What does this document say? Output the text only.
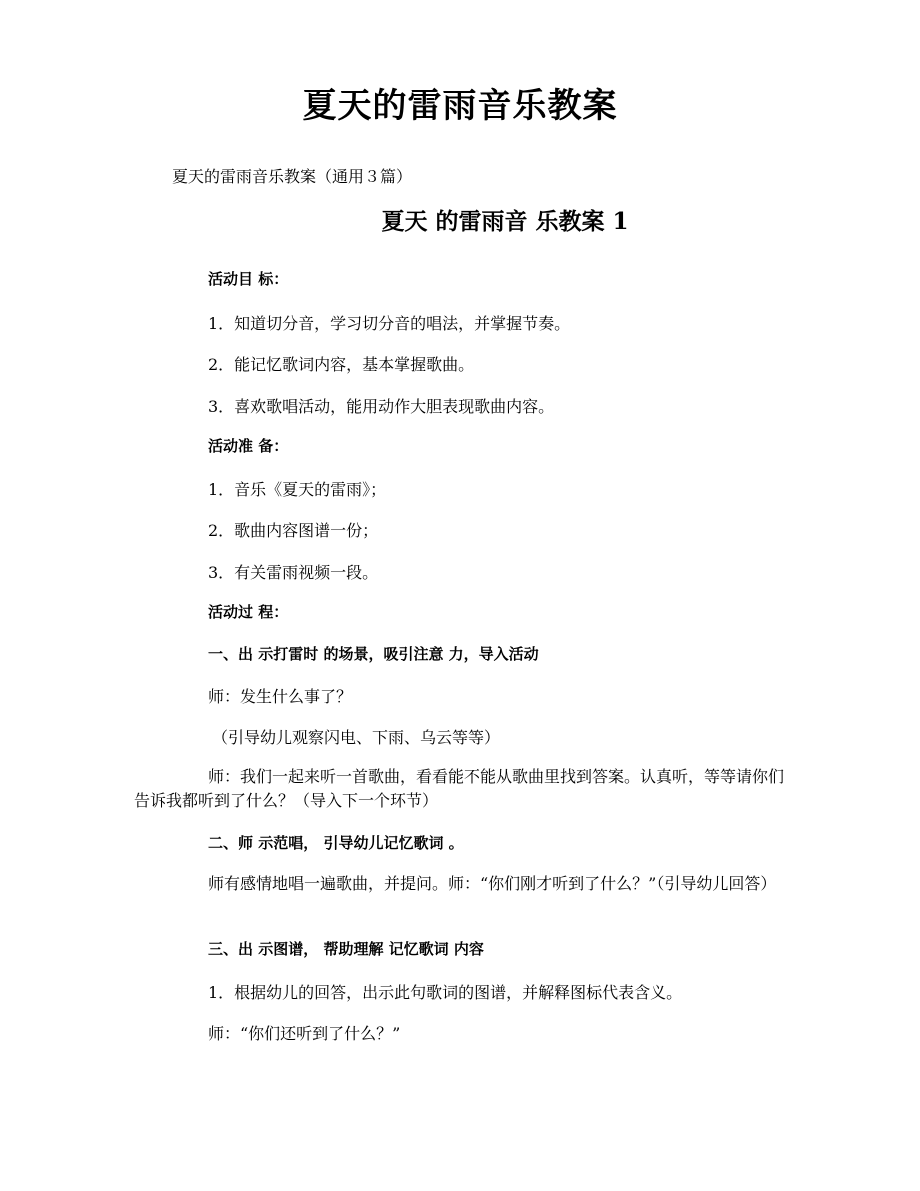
夏天的雷雨音乐教案
夏天的雷雨音乐教案（通用３篇）
夏天 的雷雨音 乐教案 1
活动目 标：
1．知道切分音，学习切分音的唱法，并掌握节奏。
2．能记忆歌词内容，基本掌握歌曲。
3．喜欢歌唱活动，能用动作大胆表现歌曲内容。
活动准 备：
1．音乐《夏天的雷雨》；
2．歌曲内容图谱一份；
3．有关雷雨视频一段。
活动过 程：
一、出 示打雷时 的场景，吸引注意 力，导入活动
师：发生什么事了？
（引导幼儿观察闪电、下雨、乌云等等）
师：我们一起来听一首歌曲，看看能不能从歌曲里找到答案。认真听，等等请你们告诉我都听到了什么？（导入下一个环节）
二、师 示范唱， 引导幼儿记忆歌词 。
师有感情地唱一遍歌曲，并提问。师：“你们刚才听到了什么？”（引导幼儿回答）
三、出 示图谱， 帮助理解 记忆歌词 内容
1．根据幼儿的回答，出示此句歌词的图谱，并解释图标代表含义。
师：“你们还听到了什么？”
